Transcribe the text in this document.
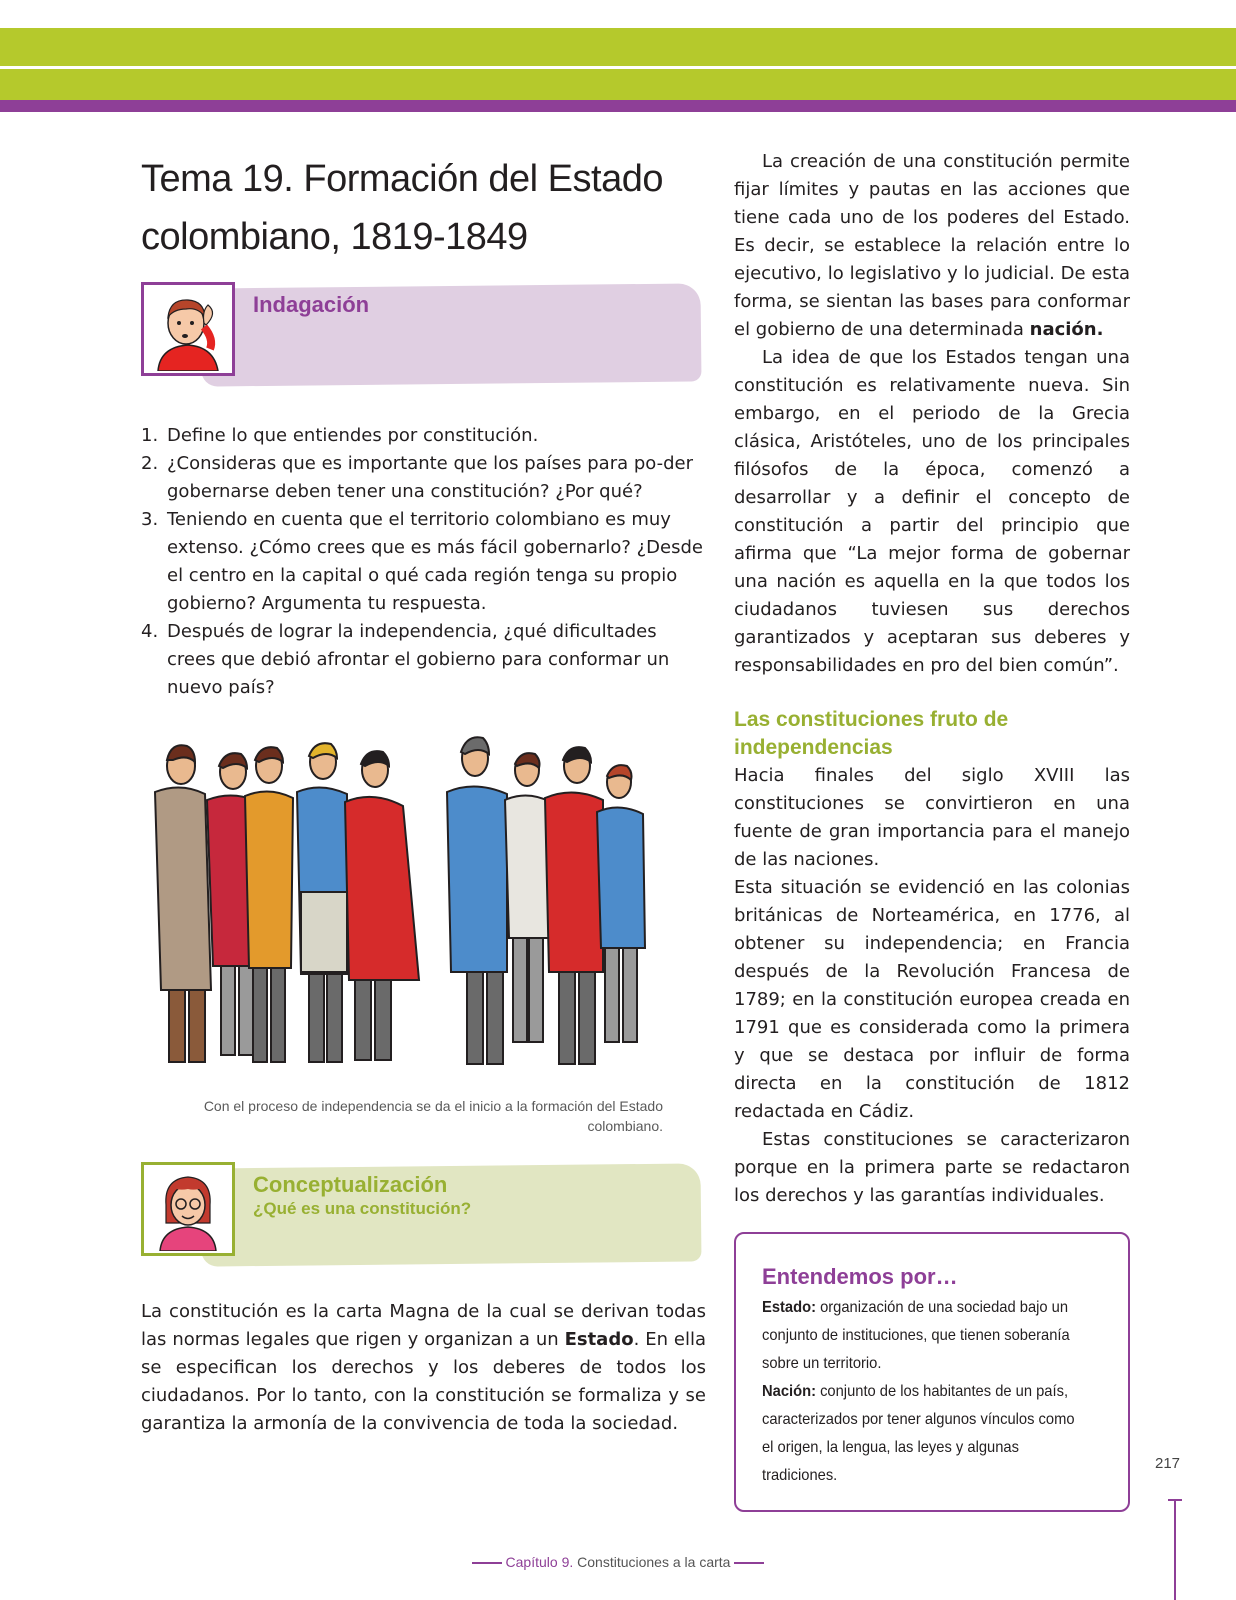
Tema 19. Formación del Estado
colombiano, 1819-1849
Indagación
1. Define lo que entiendes por constitución.
2. ¿Consideras que es importante que los países para po-der gobernarse deben tener una constitución? ¿Por qué?
3. Teniendo en cuenta que el territorio colombiano es muy extenso. ¿Cómo crees que es más fácil gobernarlo? ¿Desde el centro en la capital o qué cada región tenga su propio gobierno? Argumenta tu respuesta.
4. Después de lograr la independencia, ¿qué dificultades crees que debió afrontar el gobierno para conformar un nuevo país?

Con el proceso de independencia se da el inicio a la formación del Estado colombiano.

Conceptualización
¿Qué es una constitución?

La constitución es la carta Magna de la cual se derivan todas las normas legales que rigen y organizan a un Estado. En ella se especifican los derechos y los deberes de todos los ciudadanos. Por lo tanto, con la constitución se formaliza y se garantiza la armonía de la convivencia de toda la sociedad.

La creación de una constitución permite fijar límites y pautas en las acciones que tiene cada uno de los poderes del Estado. Es decir, se establece la relación entre lo ejecutivo, lo legislativo y lo judicial. De esta forma, se sientan las bases para conformar el gobierno de una determinada nación.

La idea de que los Estados tengan una constitución es relativamente nueva. Sin embargo, en el periodo de la Grecia clásica, Aristóteles, uno de los principales filósofos de la época, comenzó a desarrollar y a definir el concepto de constitución a partir del principio que afirma que “La mejor forma de gobernar una nación es aquella en la que todos los ciudadanos tuviesen sus derechos garantizados y aceptaran sus deberes y responsabilidades en pro del bien común”.

Las constituciones fruto de independencias

Hacia finales del siglo XVIII las constituciones se convirtieron en una fuente de gran importancia para el manejo de las naciones.

Esta situación se evidenció en las colonias británicas de Norteamérica, en 1776, al obtener su independencia; en Francia después de la Revolución Francesa de 1789; en la constitución europea creada en 1791 que es considerada como la primera y que se destaca por influir de forma directa en la constitución de 1812 redactada en Cádiz.

Estas constituciones se caracterizaron porque en la primera parte se redactaron los derechos y las garantías individuales.

Entendemos por…

Estado: organización de una sociedad bajo un conjunto de instituciones, que tienen soberanía sobre un territorio.

Nación: conjunto de los habitantes de un país, caracterizados por tener algunos vínculos como el origen, la lengua, las leyes y algunas tradiciones.

217
Capítulo 9. Constituciones a la carta
